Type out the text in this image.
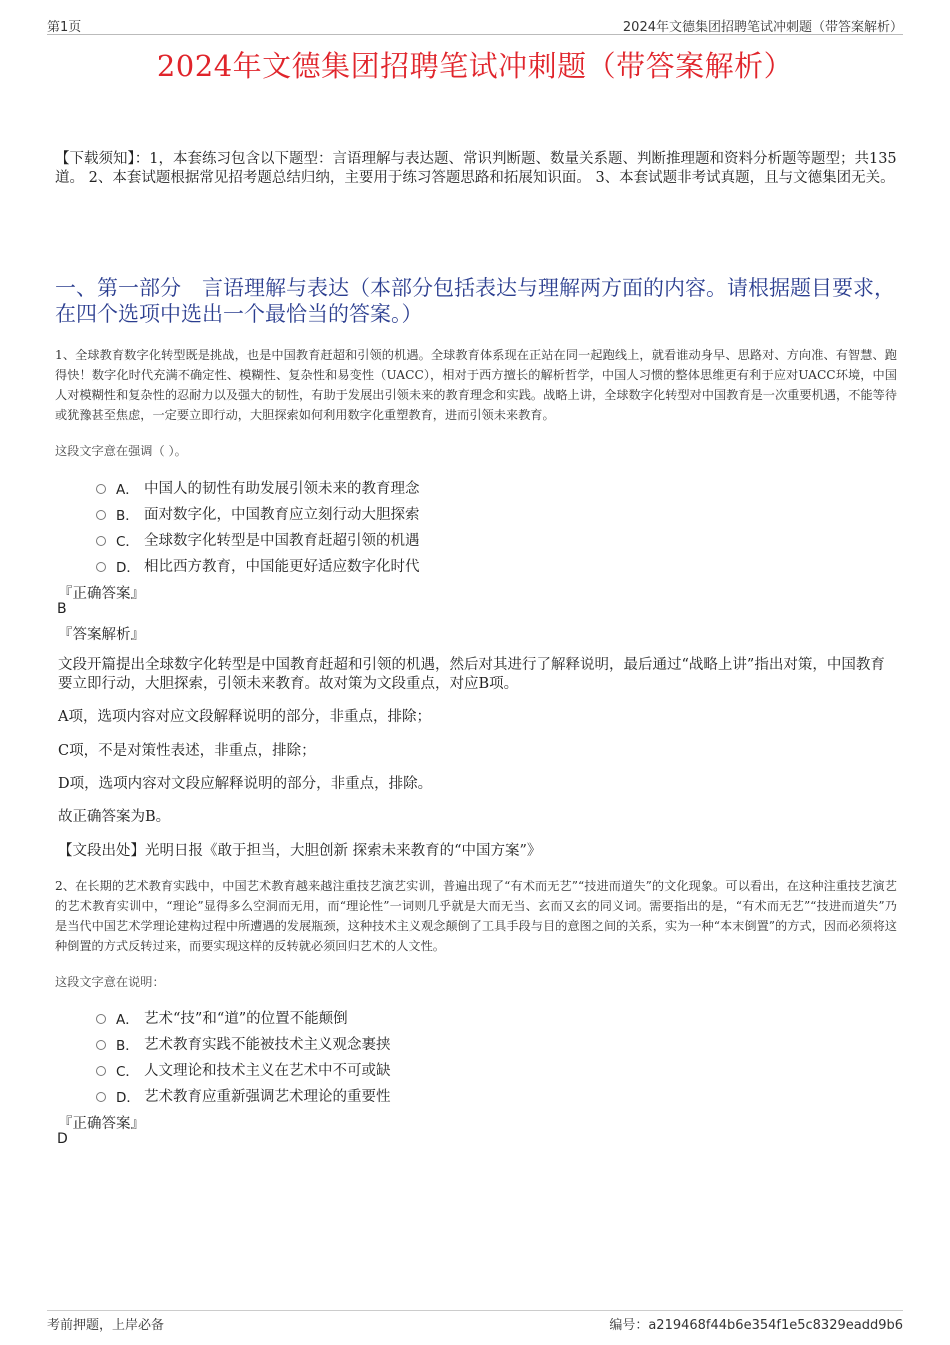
第1页	2024年文德集团招聘笔试冲刺题（带答案解析）
2024年文德集团招聘笔试冲刺题（带答案解析）
【下载须知】：1，本套练习包含以下题型：言语理解与表达题、常识判断题、数量关系题、判断推理题和资料分析题等题型；共135道。 2、本套试题根据常见招考题总结归纳，主要用于练习答题思路和拓展知识面。 3、本套试题非考试真题，且与文德集团无关。
一、第一部分　言语理解与表达（本部分包括表达与理解两方面的内容。请根据题目要求，在四个选项中选出一个最恰当的答案。）
1、全球教育数字化转型既是挑战，也是中国教育赶超和引领的机遇。全球教育体系现在正站在同一起跑线上，就看谁动身早、思路对、方向准、有智慧、跑得快！数字化时代充满不确定性、模糊性、复杂性和易变性（UACC），相对于西方擅长的解析哲学，中国人习惯的整体思维更有利于应对UACC环境，中国人对模糊性和复杂性的忍耐力以及强大的韧性，有助于发展出引领未来的教育理念和实践。战略上讲，全球数字化转型对中国教育是一次重要机遇，不能等待或犹豫甚至焦虑，一定要立即行动，大胆探索如何利用数字化重塑教育，进而引领未来教育。
这段文字意在强调（ ）。
A． 中国人的韧性有助发展引领未来的教育理念
B． 面对数字化，中国教育应立刻行动大胆探索
C． 全球数字化转型是中国教育赶超引领的机遇
D． 相比西方教育，中国能更好适应数字化时代
『正确答案』
B
『答案解析』
文段开篇提出全球数字化转型是中国教育赶超和引领的机遇，然后对其进行了解释说明，最后通过“战略上讲”指出对策，中国教育要立即行动，大胆探索，引领未来教育。故对策为文段重点，对应B项。
A项，选项内容对应文段解释说明的部分，非重点，排除；
C项，不是对策性表述，非重点，排除；
D项，选项内容对文段应解释说明的部分，非重点，排除。
故正确答案为B。
【文段出处】光明日报《敢于担当，大胆创新 探索未来教育的“中国方案”》
2、在长期的艺术教育实践中，中国艺术教育越来越注重技艺演艺实训，普遍出现了“有术而无艺”“技进而道失”的文化现象。可以看出，在这种注重技艺演艺的艺术教育实训中，“理论”显得多么空洞而无用，而“理论性”一词则几乎就是大而无当、玄而又玄的同义词。需要指出的是，“有术而无艺”“技进而道失”乃是当代中国艺术学理论建构过程中所遭遇的发展瓶颈，这种技术主义观念颠倒了工具手段与目的意图之间的关系，实为一种“本末倒置”的方式，因而必须将这种倒置的方式反转过来，而要实现这样的反转就必须回归艺术的人文性。
这段文字意在说明：
A． 艺术“技”和“道”的位置不能颠倒
B． 艺术教育实践不能被技术主义观念裹挟
C． 人文理论和技术主义在艺术中不可或缺
D． 艺术教育应重新强调艺术理论的重要性
『正确答案』
D
考前押题，上岸必备	编号：a219468f44b6e354f1e5c8329eadd9b6
